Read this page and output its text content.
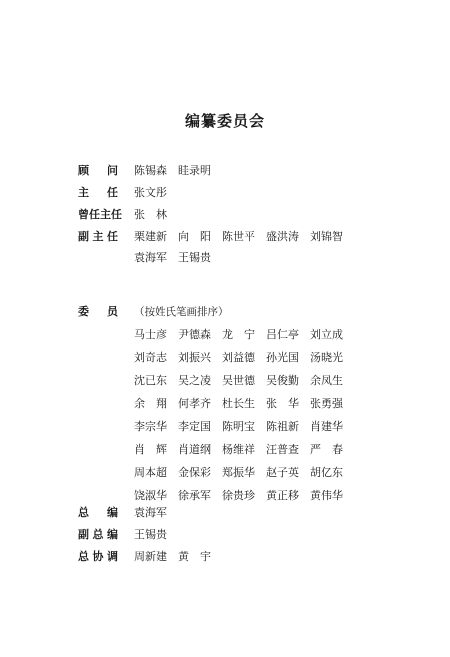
编纂委员会
顾 问 陈锡森 眭录明
主 任 张文彤
曾 任 主 任 张　林
副 主 任 栗建新 向　阳 陈世平 盛洪涛 刘锦智
袁海军 王锡贵
委 员 （按姓氏笔画排序）
马士彦 尹德森 龙　宁 吕仁亭 刘立成
刘奇志 刘振兴 刘益德 孙光国 汤晓光
沈已东 吴之凌 吴世德 吴俊勤 余凤生
余　翔 何孝齐 杜长生 张　华 张勇强
李宗华 李定国 陈明宝 陈祖新 肖建华
肖　辉 肖道纲 杨维祥 汪普查 严　春
周本超 金保彩 郑振华 赵子英 胡亿东
饶淑华 徐承军 徐贵珍 黄正移 黄伟华
总 编 袁海军
副 总 编 王锡贵
总 协 调 周新建 黄　宇
